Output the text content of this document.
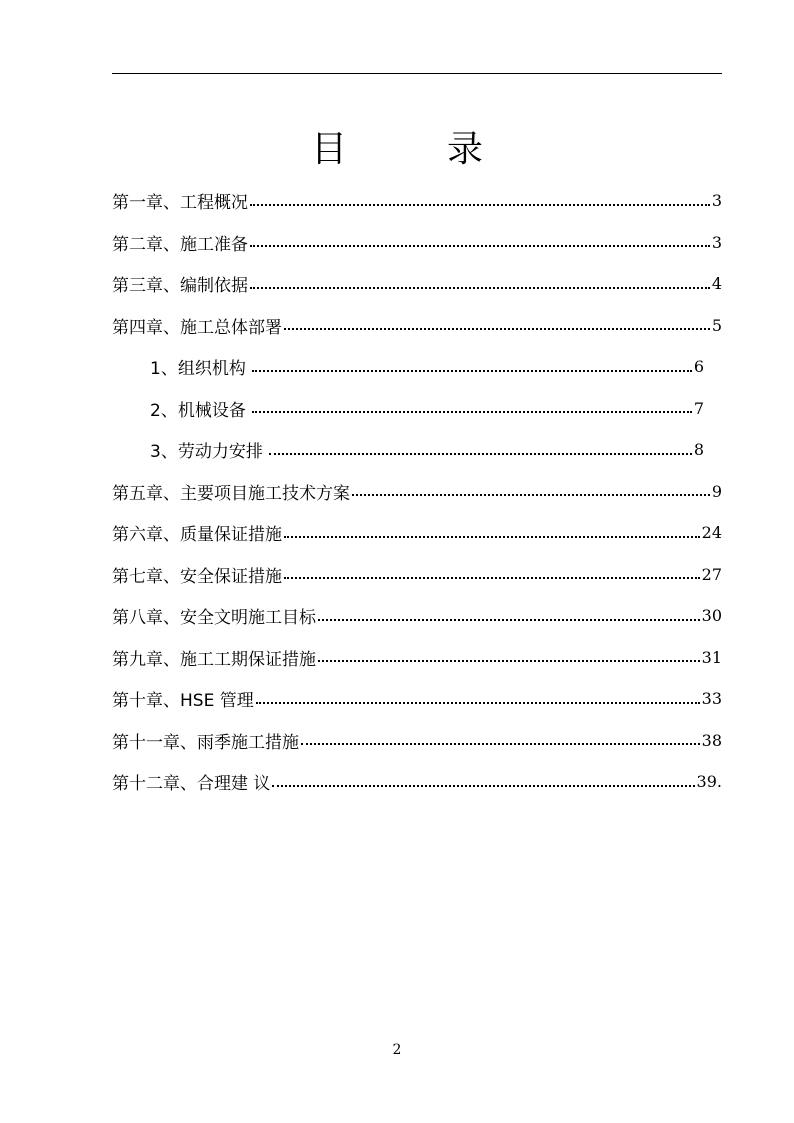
目	录
第一章、工程概况	3
第二章、施工准备	3
第三章、编制依据	4
第四章、施工总体部署	5
1、组织机构	6
2、机械设备	7
3、劳动力安排	8
第五章、主要项目施工技术方案	9
第六章、质量保证措施	24
第七章、安全保证措施	27
第八章、安全文明施工目标	30
第九章、施工工期保证措施	31
第十章、HSE 管理	33
第十一章、雨季施工措施	38
第十二章、合理建 议	39.
2
